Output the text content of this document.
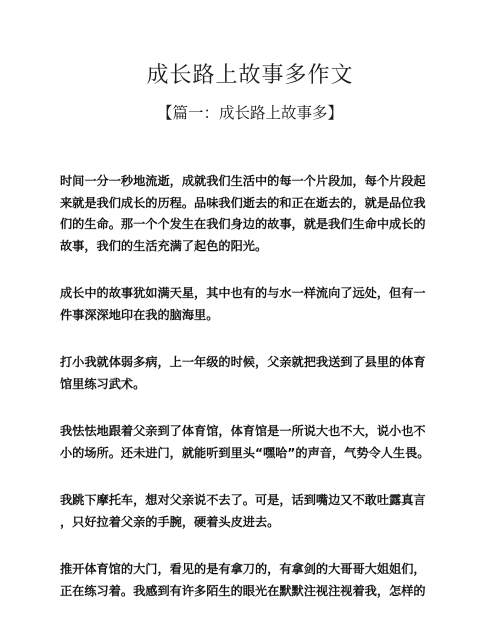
成长路上故事多作文
【篇一：成长路上故事多】

时间一分一秒地流逝，成就我们生活中的每一个片段加，每个片段起
来就是我们成长的历程。品味我们逝去的和正在逝去的，就是品位我
们的生命。那一个个发生在我们身边的故事，就是我们生命中成长的
故事，我们的生活充满了起色的阳光。

成长中的故事犹如满天星，其中也有的与水一样流向了远处，但有一
件事深深地印在我的脑海里。

打小我就体弱多病，上一年级的时候，父亲就把我送到了县里的体育
馆里练习武术。

我怯怯地跟着父亲到了体育馆，体育馆是一所说大也不大，说小也不
小的场所。还未进门，就能听到里头“嘿哈”的声音，气势令人生畏。

我跳下摩托车，想对父亲说不去了。可是，话到嘴边又不敢吐露真言
，只好拉着父亲的手腕，硬着头皮进去。

推开体育馆的大门，看见的是有拿刀的，有拿剑的大哥哥大姐姐们，
正在练习着。我感到有许多陌生的眼光在默默注视注视着我，怎样的
